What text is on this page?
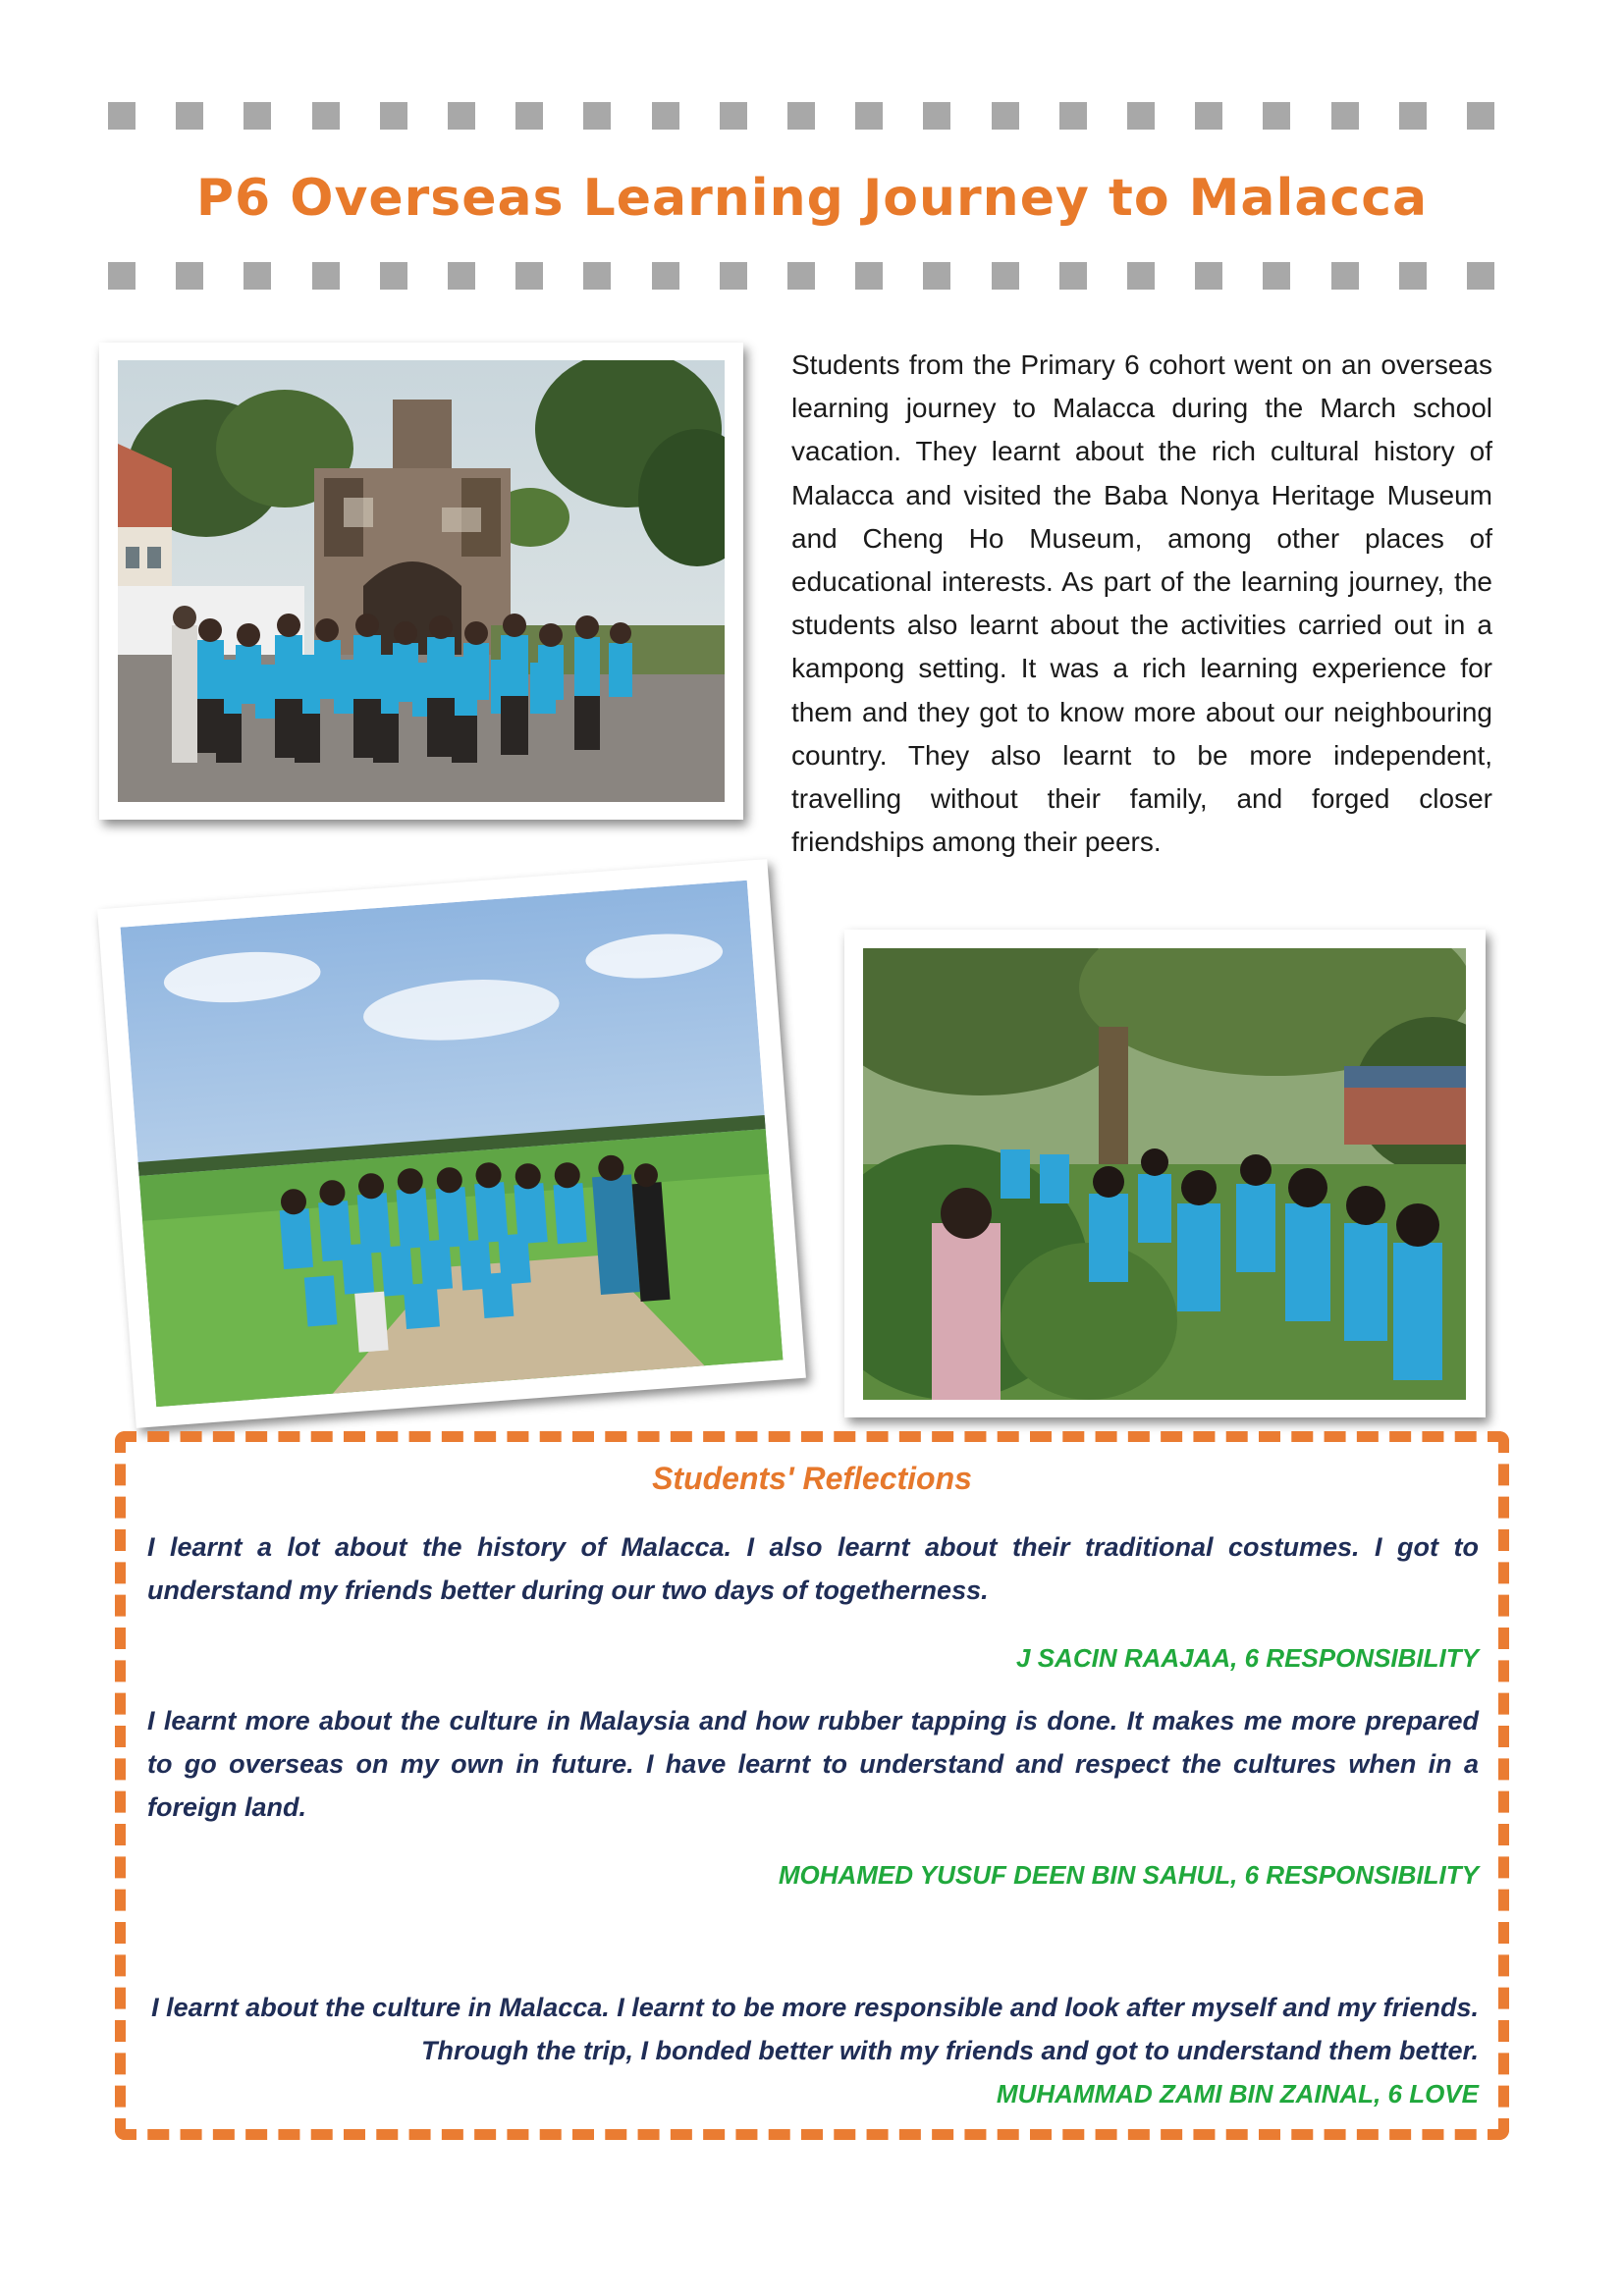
P6 Overseas Learning Journey to Malacca
Students from the Primary 6 cohort went on an overseas learning journey to Malacca during the March school vacation. They learnt about the rich cultural history of Malacca and visited the Baba Nonya Heritage Museum and Cheng Ho Museum, among other places of educational interests. As part of the learning journey, the students also learnt about the activities carried out in a kampong setting. It was a rich learning experience for them and they got to know more about our neighbouring country. They also learnt to be more independent, travelling without their family, and forged closer friendships among their peers.
Students' Reflections
I learnt a lot about the history of Malacca. I also learnt about their traditional costumes. I got to understand my friends better during our two days of togetherness.
J SACIN RAAJAA, 6 RESPONSIBILITY
I learnt more about the culture in Malaysia and how rubber tapping is done. It makes me more prepared to go overseas on my own in future. I have learnt to understand and respect the cultures when in a foreign land.
MOHAMED YUSUF DEEN BIN SAHUL, 6 RESPONSIBILITY
I learnt about the culture in Malacca. I learnt to be more responsible and look after myself and my friends. Through the trip, I bonded better with my friends and got to understand them better.
MUHAMMAD ZAMI BIN ZAINAL, 6 LOVE
